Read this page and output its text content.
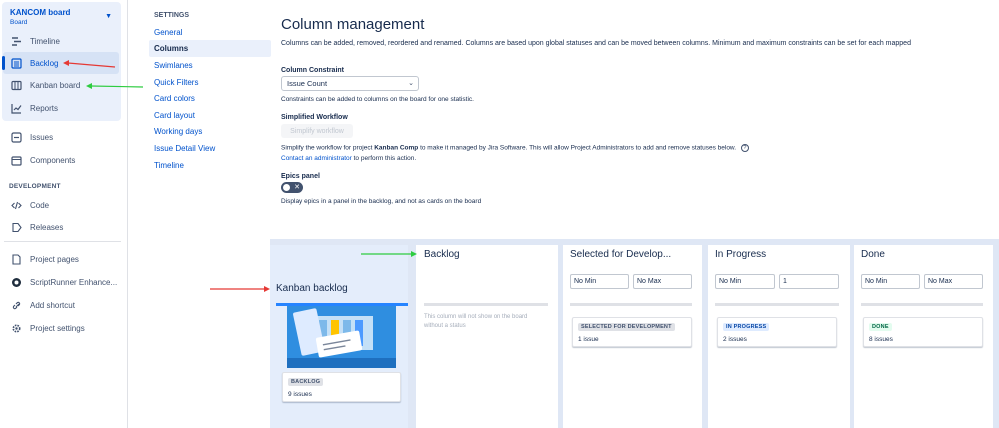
KANCOM board
Board
▼
Timeline
Backlog
Kanban board
Reports
Issues
Components
DEVELOPMENT
Code
Releases
Project pages
ScriptRunner Enhance...
Add shortcut
Project settings
SETTINGS
General
Columns
Swimlanes
Quick Filters
Card colors
Card layout
Working days
Issue Detail View
Timeline
Column management
Columns can be added, removed, reordered and renamed. Columns are based upon global statuses and can be moved between columns. Minimum and maximum constraints can be set for each mapped
Column Constraint
Issue Count	⌄
Constraints can be added to columns on the board for one statistic.
Simplified Workflow
Simplify workflow
Simplify the workflow for project Kanban Comp to make it managed by Jira Software. This will allow Project Administrators to add and remove statuses below. ?
Contact an administrator to perform this action.
Epics panel
✕
Display epics in a panel in the backlog, and not as cards on the board
Kanban backlog
BACKLOG
9 issues
Backlog
This column will not show on the board
without a status
Selected for Develop...
No Min	No Max
SELECTED FOR DEVELOPMENT
1 issue
In Progress
No Min	1
IN PROGRESS
2 issues
Done
No Min	No Max
DONE
8 issues
